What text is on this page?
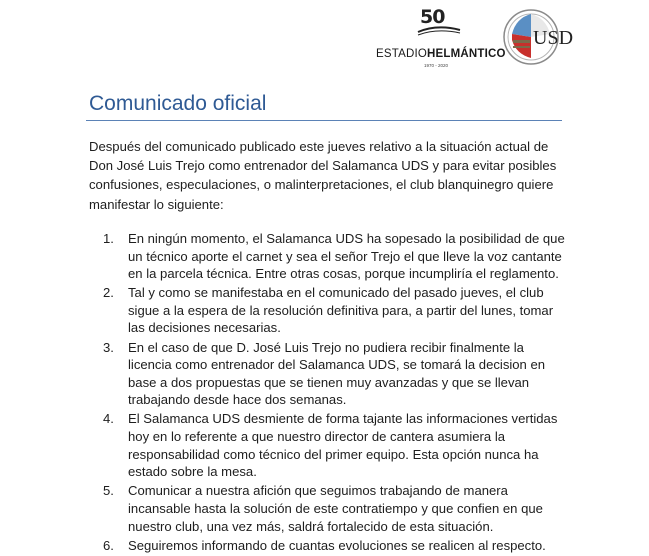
50
ESTADIOHELMÁNTICO
1970 - 2020
USD
Comunicado oficial
Después del comunicado publicado este jueves relativo a la situación actual de
Don José Luis Trejo como entrenador del Salamanca UDS y para evitar posibles
confusiones, especulaciones, o malinterpretaciones, el club blanquinegro quiere
manifestar lo siguiente:
1. En ningún momento, el Salamanca UDS ha sopesado la posibilidad de que
un técnico aporte el carnet y sea el señor Trejo el que lleve la voz cantante
en la parcela técnica. Entre otras cosas, porque incumpliría el reglamento.
2. Tal y como se manifestaba en el comunicado del pasado jueves, el club
sigue a la espera de la resolución definitiva para, a partir del lunes, tomar
las decisiones necesarias.
3. En el caso de que D. José Luis Trejo no pudiera recibir finalmente la
licencia como entrenador del Salamanca UDS, se tomará la decision en
base a dos propuestas que se tienen muy avanzadas y que se llevan
trabajando desde hace dos semanas.
4. El Salamanca UDS desmiente de forma tajante las informaciones vertidas
hoy en lo referente a que nuestro director de cantera asumiera la
responsabilidad como técnico del primer equipo. Esta opción nunca ha
estado sobre la mesa.
5. Comunicar a nuestra afición que seguimos trabajando de manera
incansable hasta la solución de este contratiempo y que confien en que
nuestro club, una vez más, saldrá fortalecido de esta situación.
6. Seguiremos informando de cuantas evoluciones se realicen al respecto.
